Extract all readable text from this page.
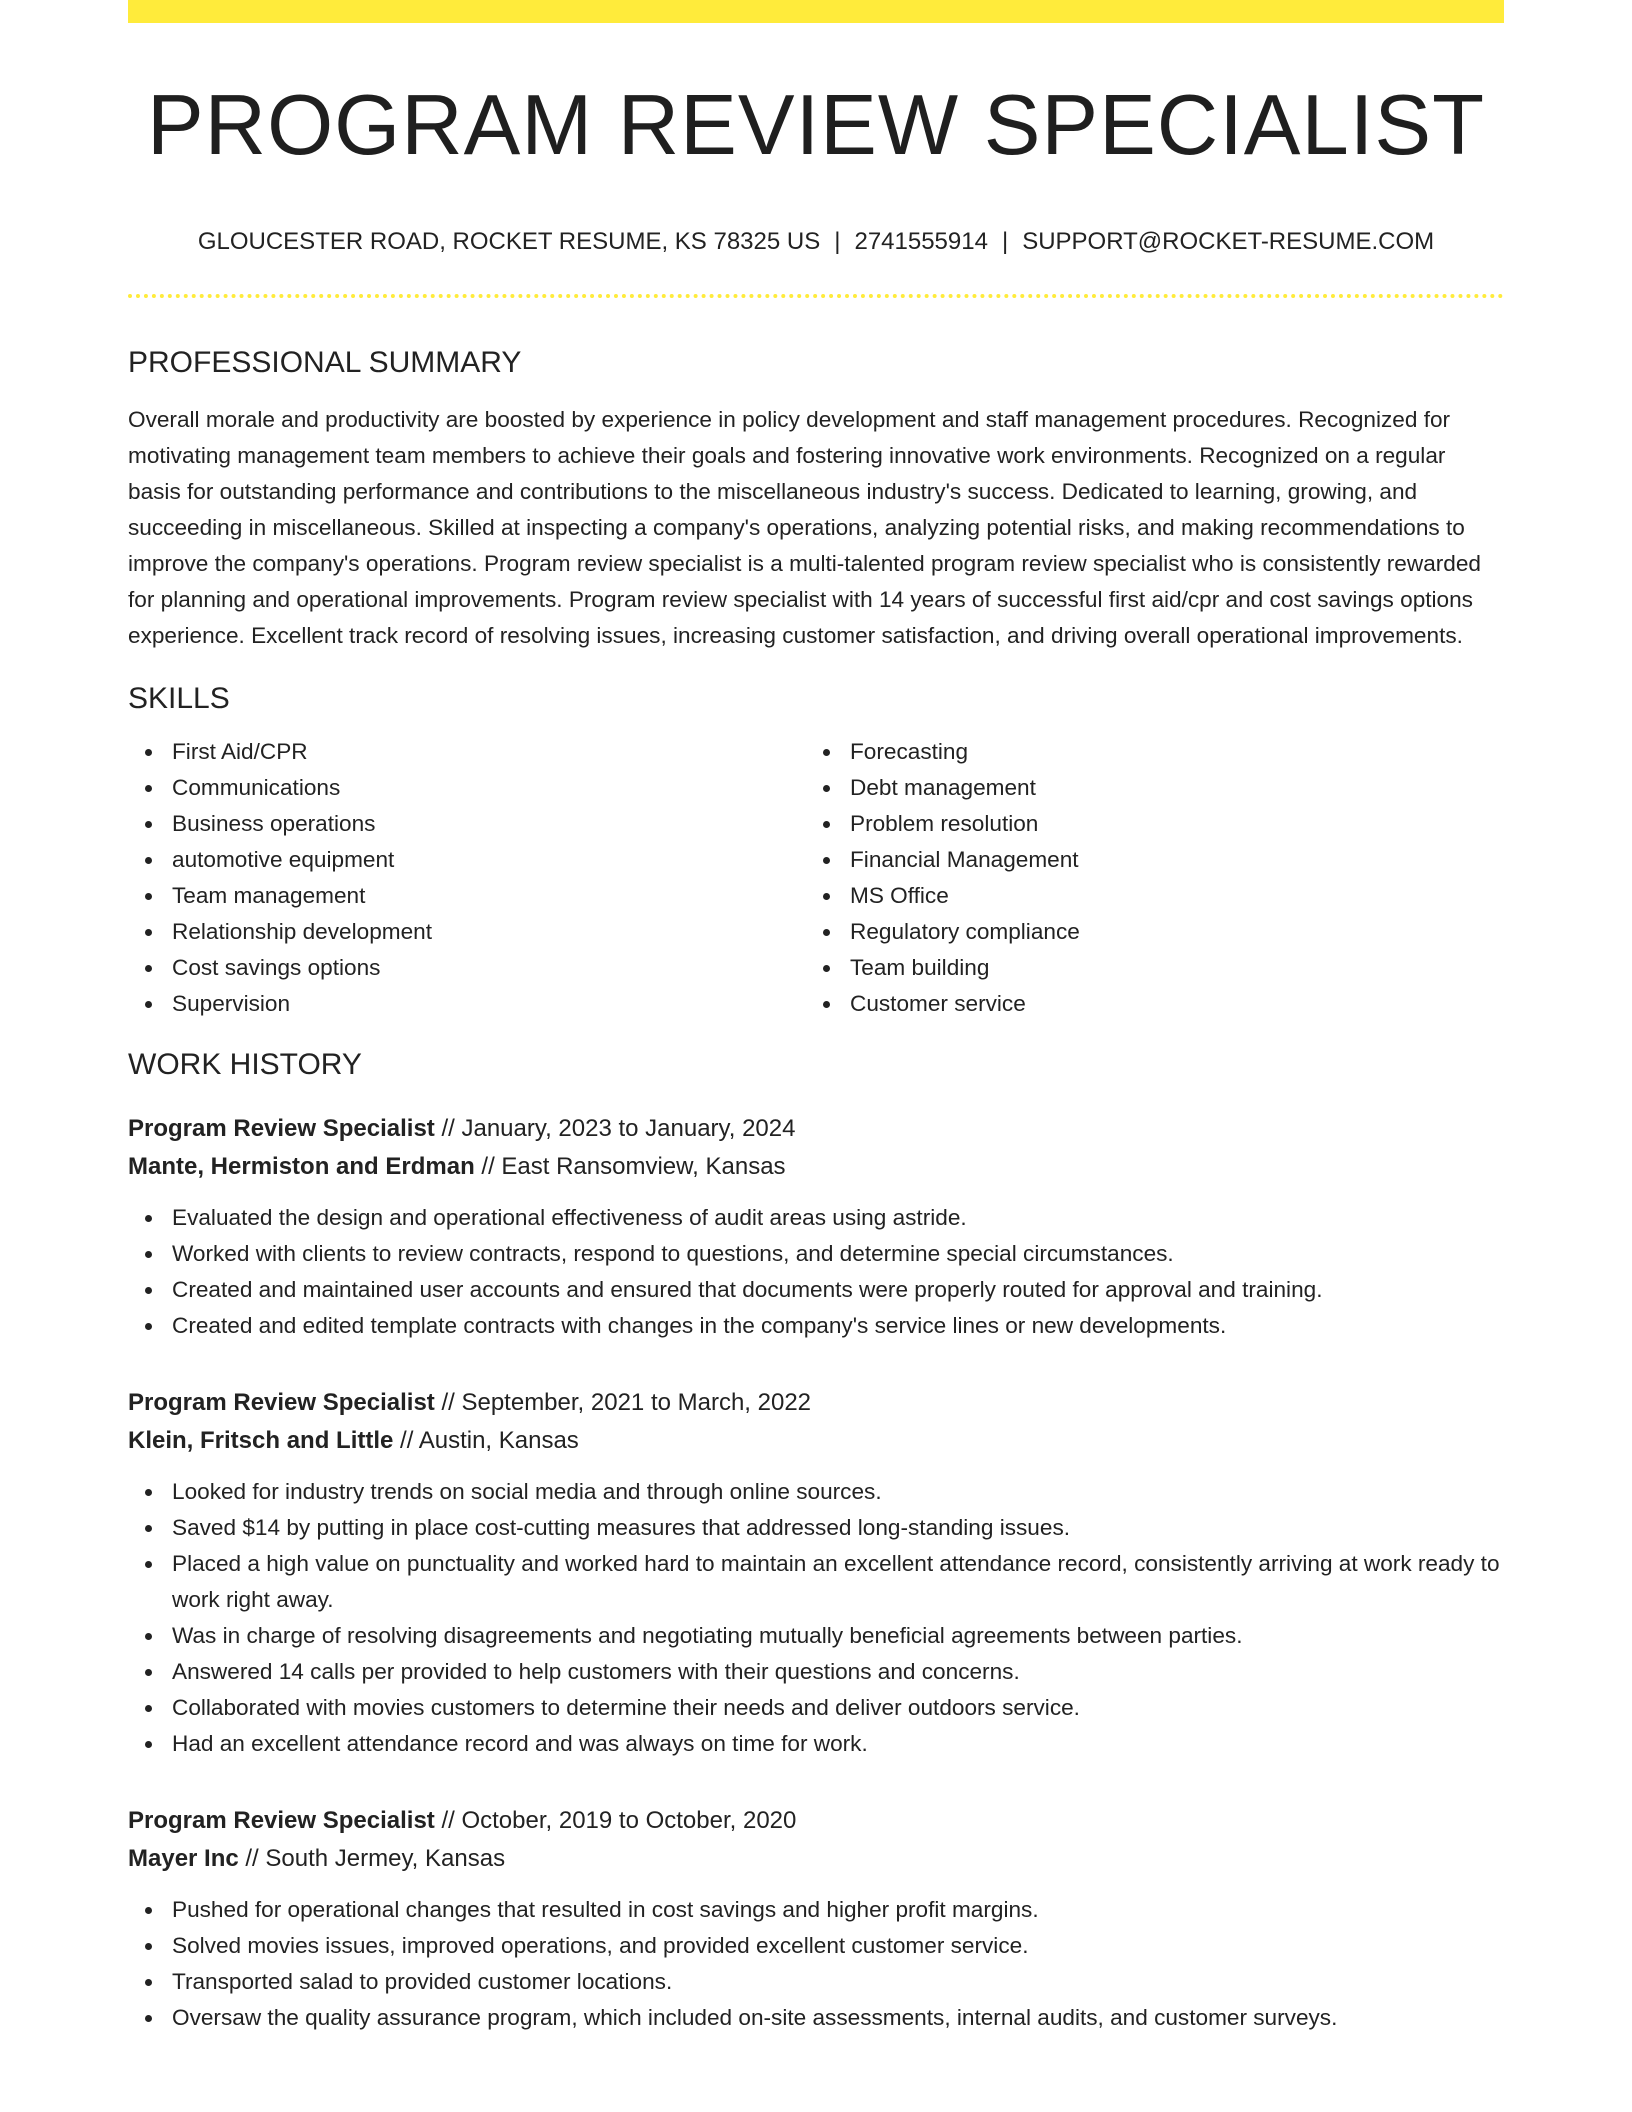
PROGRAM REVIEW SPECIALIST
GLOUCESTER ROAD, ROCKET RESUME, KS 78325 US | 2741555914 | SUPPORT@ROCKET-RESUME.COM
PROFESSIONAL SUMMARY

Overall morale and productivity are boosted by experience in policy development and staff management procedures. Recognized for motivating management team members to achieve their goals and fostering innovative work environments. Recognized on a regular basis for outstanding performance and contributions to the miscellaneous industry's success. Dedicated to learning, growing, and succeeding in miscellaneous. Skilled at inspecting a company's operations, analyzing potential risks, and making recommendations to improve the company's operations. Program review specialist is a multi-talented program review specialist who is consistently rewarded for planning and operational improvements. Program review specialist with 14 years of successful first aid/cpr and cost savings options experience. Excellent track record of resolving issues, increasing customer satisfaction, and driving overall operational improvements.

SKILLS
First Aid/CPR
Communications
Business operations
automotive equipment
Team management
Relationship development
Cost savings options
Supervision
Forecasting
Debt management
Problem resolution
Financial Management
MS Office
Regulatory compliance
Team building
Customer service
WORK HISTORY
Program Review Specialist // January, 2023 to January, 2024
Mante, Hermiston and Erdman // East Ransomview, Kansas
Evaluated the design and operational effectiveness of audit areas using astride.
Worked with clients to review contracts, respond to questions, and determine special circumstances.
Created and maintained user accounts and ensured that documents were properly routed for approval and training.
Created and edited template contracts with changes in the company's service lines or new developments.
Program Review Specialist // September, 2021 to March, 2022
Klein, Fritsch and Little // Austin, Kansas
Looked for industry trends on social media and through online sources.
Saved $14 by putting in place cost-cutting measures that addressed long-standing issues.
Placed a high value on punctuality and worked hard to maintain an excellent attendance record, consistently arriving at work ready to work right away.
Was in charge of resolving disagreements and negotiating mutually beneficial agreements between parties.
Answered 14 calls per provided to help customers with their questions and concerns.
Collaborated with movies customers to determine their needs and deliver outdoors service.
Had an excellent attendance record and was always on time for work.
Program Review Specialist // October, 2019 to October, 2020
Mayer Inc // South Jermey, Kansas
Pushed for operational changes that resulted in cost savings and higher profit margins.
Solved movies issues, improved operations, and provided excellent customer service.
Transported salad to provided customer locations.
Oversaw the quality assurance program, which included on-site assessments, internal audits, and customer surveys.
